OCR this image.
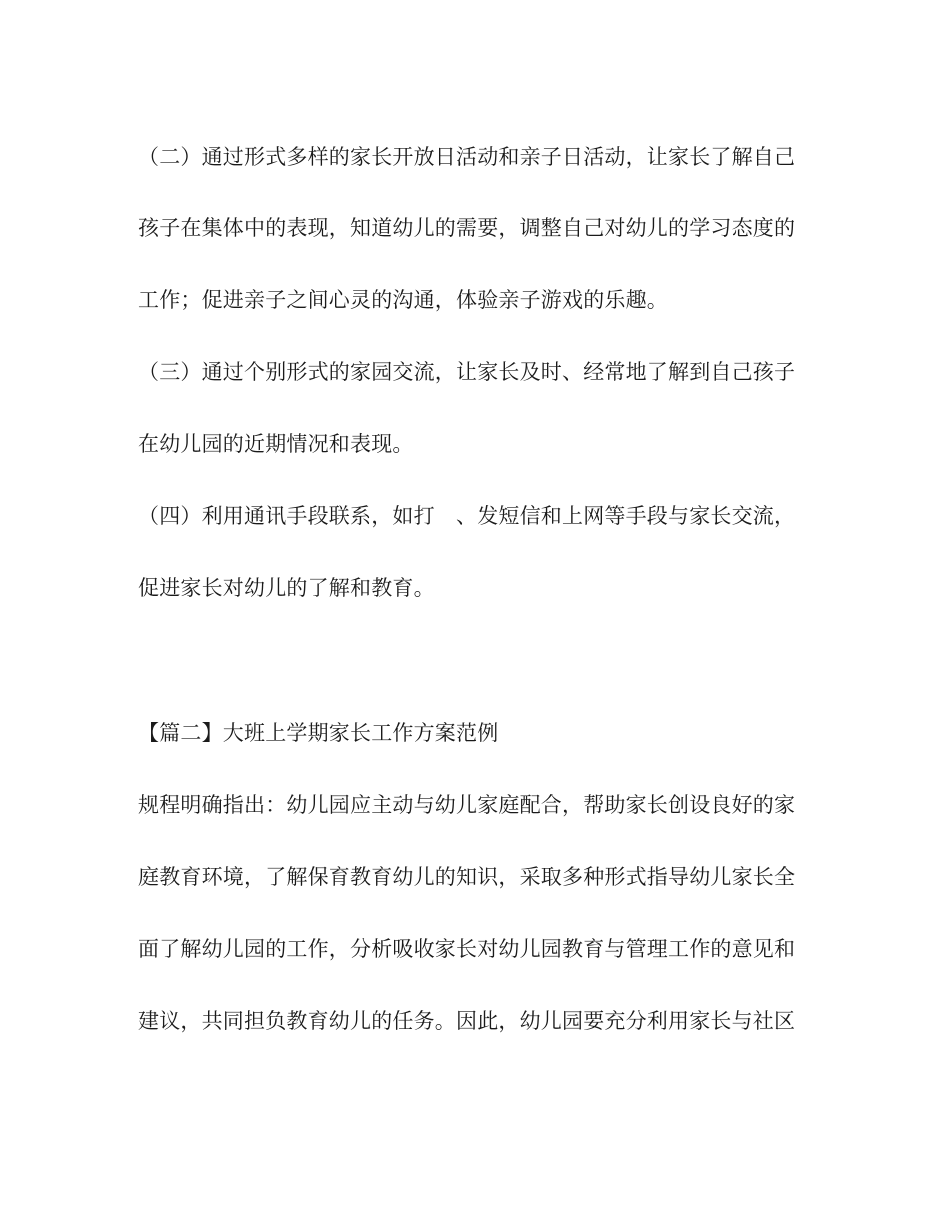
（二）通过形式多样的家长开放日活动和亲子日活动，让家长了解自己
孩子在集体中的表现，知道幼儿的需要，调整自己对幼儿的学习态度的
工作；促进亲子之间心灵的沟通，体验亲子游戏的乐趣。
（三）通过个别形式的家园交流，让家长及时、经常地了解到自己孩子
在幼儿园的近期情况和表现。
（四）利用通讯手段联系，如打　、发短信和上网等手段与家长交流，
促进家长对幼儿的了解和教育。
【篇二】大班上学期家长工作方案范例
规程明确指出：幼儿园应主动与幼儿家庭配合，帮助家长创设良好的家
庭教育环境，了解保育教育幼儿的知识，采取多种形式指导幼儿家长全
面了解幼儿园的工作，分析吸收家长对幼儿园教育与管理工作的意见和
建议，共同担负教育幼儿的任务。因此，幼儿园要充分利用家长与社区
